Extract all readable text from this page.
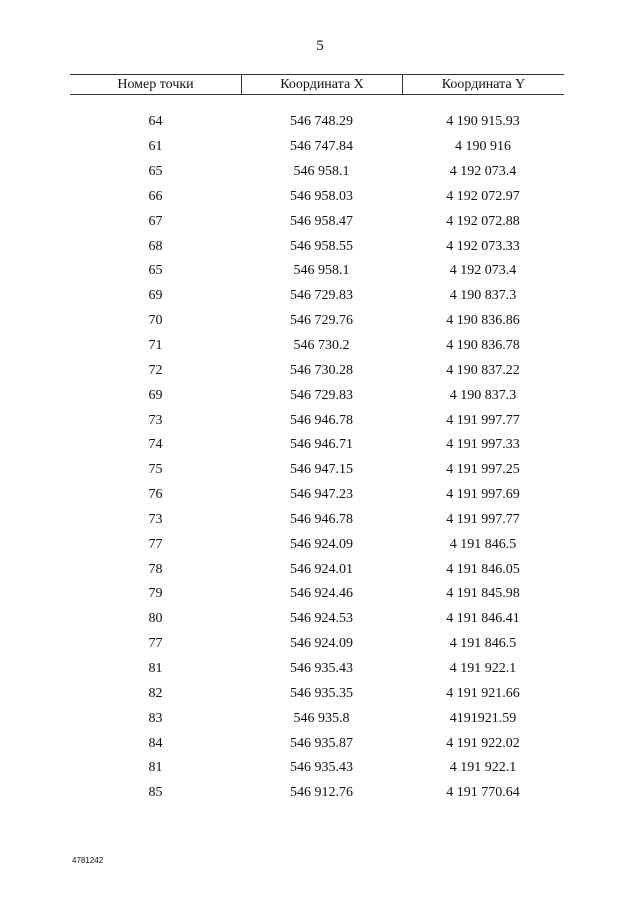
5
Номер точки	Координата X	Координата Y
64	546 748.29	4 190 915.93
61	546 747.84	4 190 916
65	546 958.1	4 192 073.4
66	546 958.03	4 192 072.97
67	546 958.47	4 192 072.88
68	546 958.55	4 192 073.33
65	546 958.1	4 192 073.4
69	546 729.83	4 190 837.3
70	546 729.76	4 190 836.86
71	546 730.2	4 190 836.78
72	546 730.28	4 190 837.22
69	546 729.83	4 190 837.3
73	546 946.78	4 191 997.77
74	546 946.71	4 191 997.33
75	546 947.15	4 191 997.25
76	546 947.23	4 191 997.69
73	546 946.78	4 191 997.77
77	546 924.09	4 191 846.5
78	546 924.01	4 191 846.05
79	546 924.46	4 191 845.98
80	546 924.53	4 191 846.41
77	546 924.09	4 191 846.5
81	546 935.43	4 191 922.1
82	546 935.35	4 191 921.66
83	546 935.8	4191921.59
84	546 935.87	4 191 922.02
81	546 935.43	4 191 922.1
85	546 912.76	4 191 770.64
4781242
